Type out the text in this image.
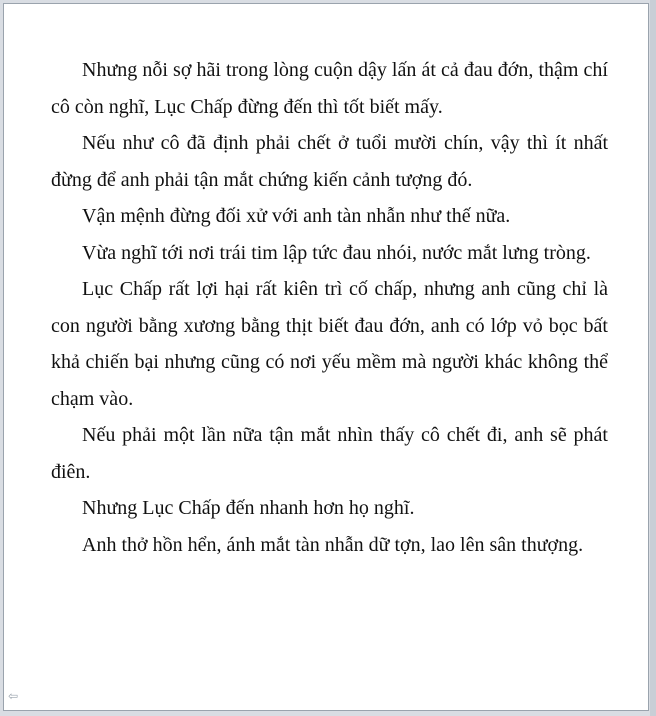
Nhưng nỗi sợ hãi trong lòng cuộn dậy lấn át cả đau đớn, thậm chí cô còn nghĩ, Lục Chấp đừng đến thì tốt biết mấy.

Nếu như cô đã định phải chết ở tuổi mười chín, vậy thì ít nhất đừng để anh phải tận mắt chứng kiến cảnh tượng đó.

Vận mệnh đừng đối xử với anh tàn nhẫn như thế nữa.

Vừa nghĩ tới nơi trái tim lập tức đau nhói, nước mắt lưng tròng.

Lục Chấp rất lợi hại rất kiên trì cố chấp, nhưng anh cũng chỉ là con người bằng xương bằng thịt biết đau đớn, anh có lớp vỏ bọc bất khả chiến bại nhưng cũng có nơi yếu mềm mà người khác không thể chạm vào.

Nếu phải một lần nữa tận mắt nhìn thấy cô chết đi, anh sẽ phát điên.

Nhưng Lục Chấp đến nhanh hơn họ nghĩ.

Anh thở hồn hển, ánh mắt tàn nhẫn dữ tợn, lao lên sân thượng.

⇦
